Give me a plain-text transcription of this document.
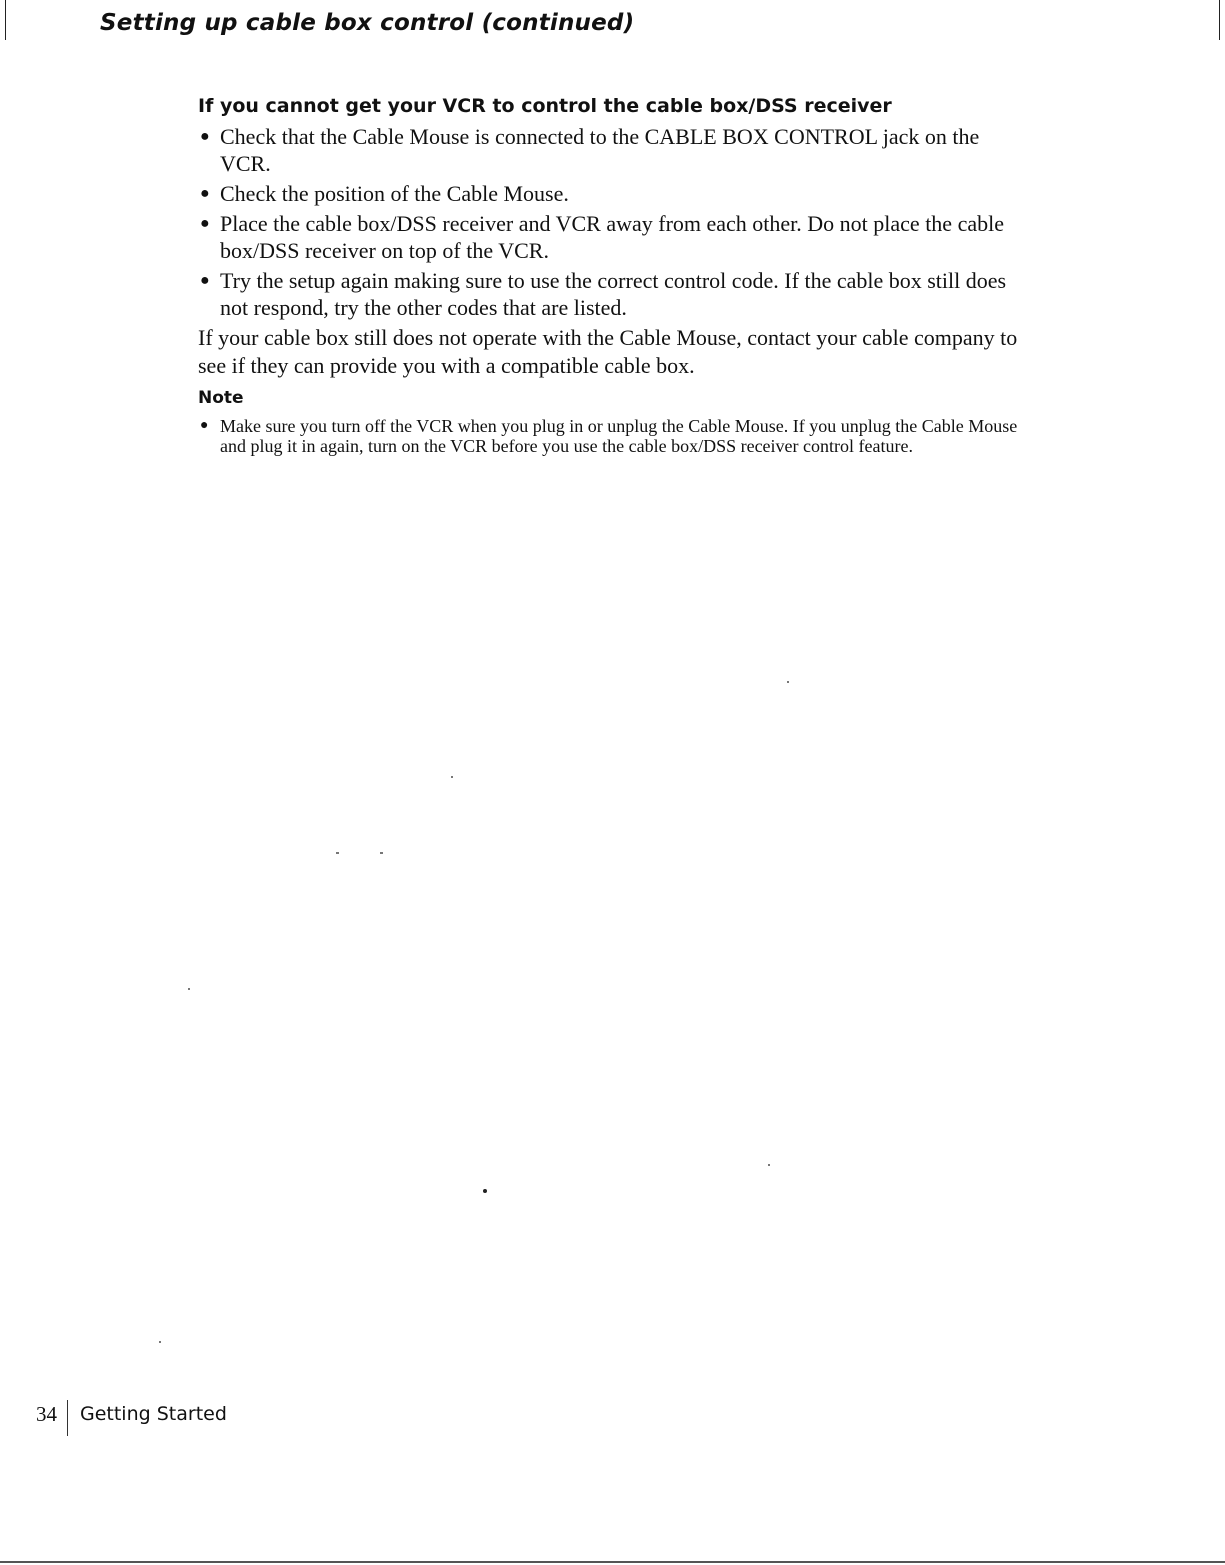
Setting up cable box control (continued)
If you cannot get your VCR to control the cable box/DSS receiver
● Check that the Cable Mouse is connected to the CABLE BOX CONTROL jack on the VCR.
● Check the position of the Cable Mouse.
● Place the cable box/DSS receiver and VCR away from each other. Do not place the cable box/DSS receiver on top of the VCR.
● Try the setup again making sure to use the correct control code. If the cable box still does not respond, try the other codes that are listed.

If your cable box still does not operate with the Cable Mouse, contact your cable company to see if they can provide you with a compatible cable box.

Note
● Make sure you turn off the VCR when you plug in or unplug the Cable Mouse. If you unplug the Cable Mouse and plug it in again, turn on the VCR before you use the cable box/DSS receiver control feature.
34 Getting Started
